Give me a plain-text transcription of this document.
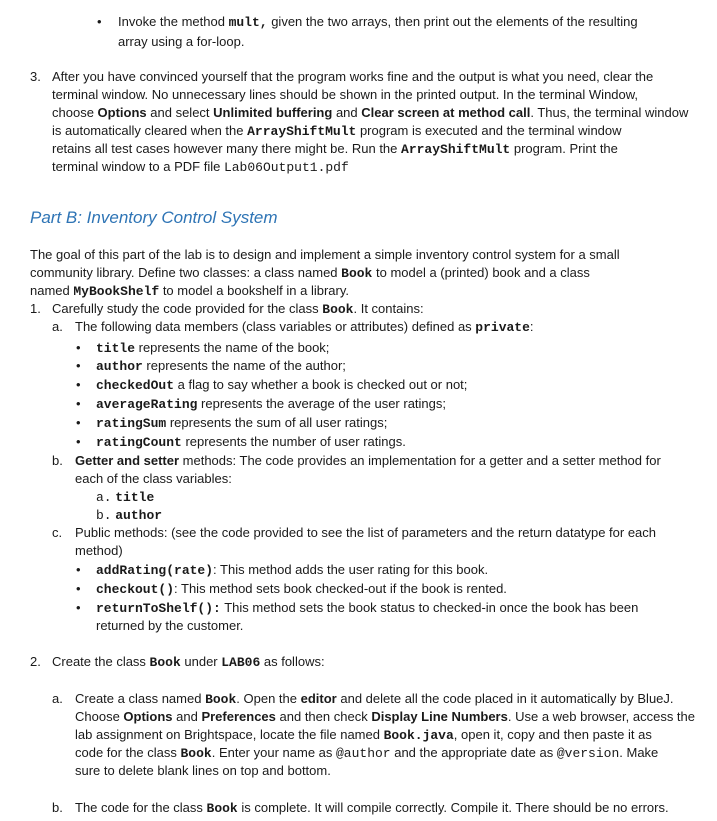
• Invoke the method mult, given the two arrays, then print out the elements of the resulting
array using a for-loop.
3. After you have convinced yourself that the program works fine and the output is what you need, clear the
terminal window. No unnecessary lines should be shown in the printed output. In the terminal Window,
choose Options and select Unlimited buffering and Clear screen at method call. Thus, the terminal window
is automatically cleared when the ArrayShiftMult program is executed and the terminal window
retains all test cases however many there might be. Run the ArrayShiftMult program. Print the
terminal window to a PDF file Lab06Output1.pdf
Part B: Inventory Control System
The goal of this part of the lab is to design and implement a simple inventory control system for a small
community library. Define two classes: a class named Book to model a (printed) book and a class
named MyBookShelf to model a bookshelf in a library.
1. Carefully study the code provided for the class Book. It contains:
a. The following data members (class variables or attributes) defined as private:
• title represents the name of the book;
• author represents the name of the author;
• checkedOut a flag to say whether a book is checked out or not;
• averageRating represents the average of the user ratings;
• ratingSum represents the sum of all user ratings;
• ratingCount represents the number of user ratings.
b. Getter and setter methods: The code provides an implementation for a getter and a setter method for
each of the class variables:
a. title
b. author
c. Public methods: (see the code provided to see the list of parameters and the return datatype for each
method)
• addRating(rate): This method adds the user rating for this book.
• checkout(): This method sets book checked-out if the book is rented.
• returnToShelf(): This method sets the book status to checked-in once the book has been
returned by the customer.
2. Create the class Book under LAB06 as follows:
a. Create a class named Book. Open the editor and delete all the code placed in it automatically by BlueJ.
Choose Options and Preferences and then check Display Line Numbers. Use a web browser, access the
lab assignment on Brightspace, locate the file named Book.java, open it, copy and then paste it as
code for the class Book. Enter your name as @author and the appropriate date as @version. Make
sure to delete blank lines on top and bottom.
b. The code for the class Book is complete. It will compile correctly. Compile it. There should be no errors.
